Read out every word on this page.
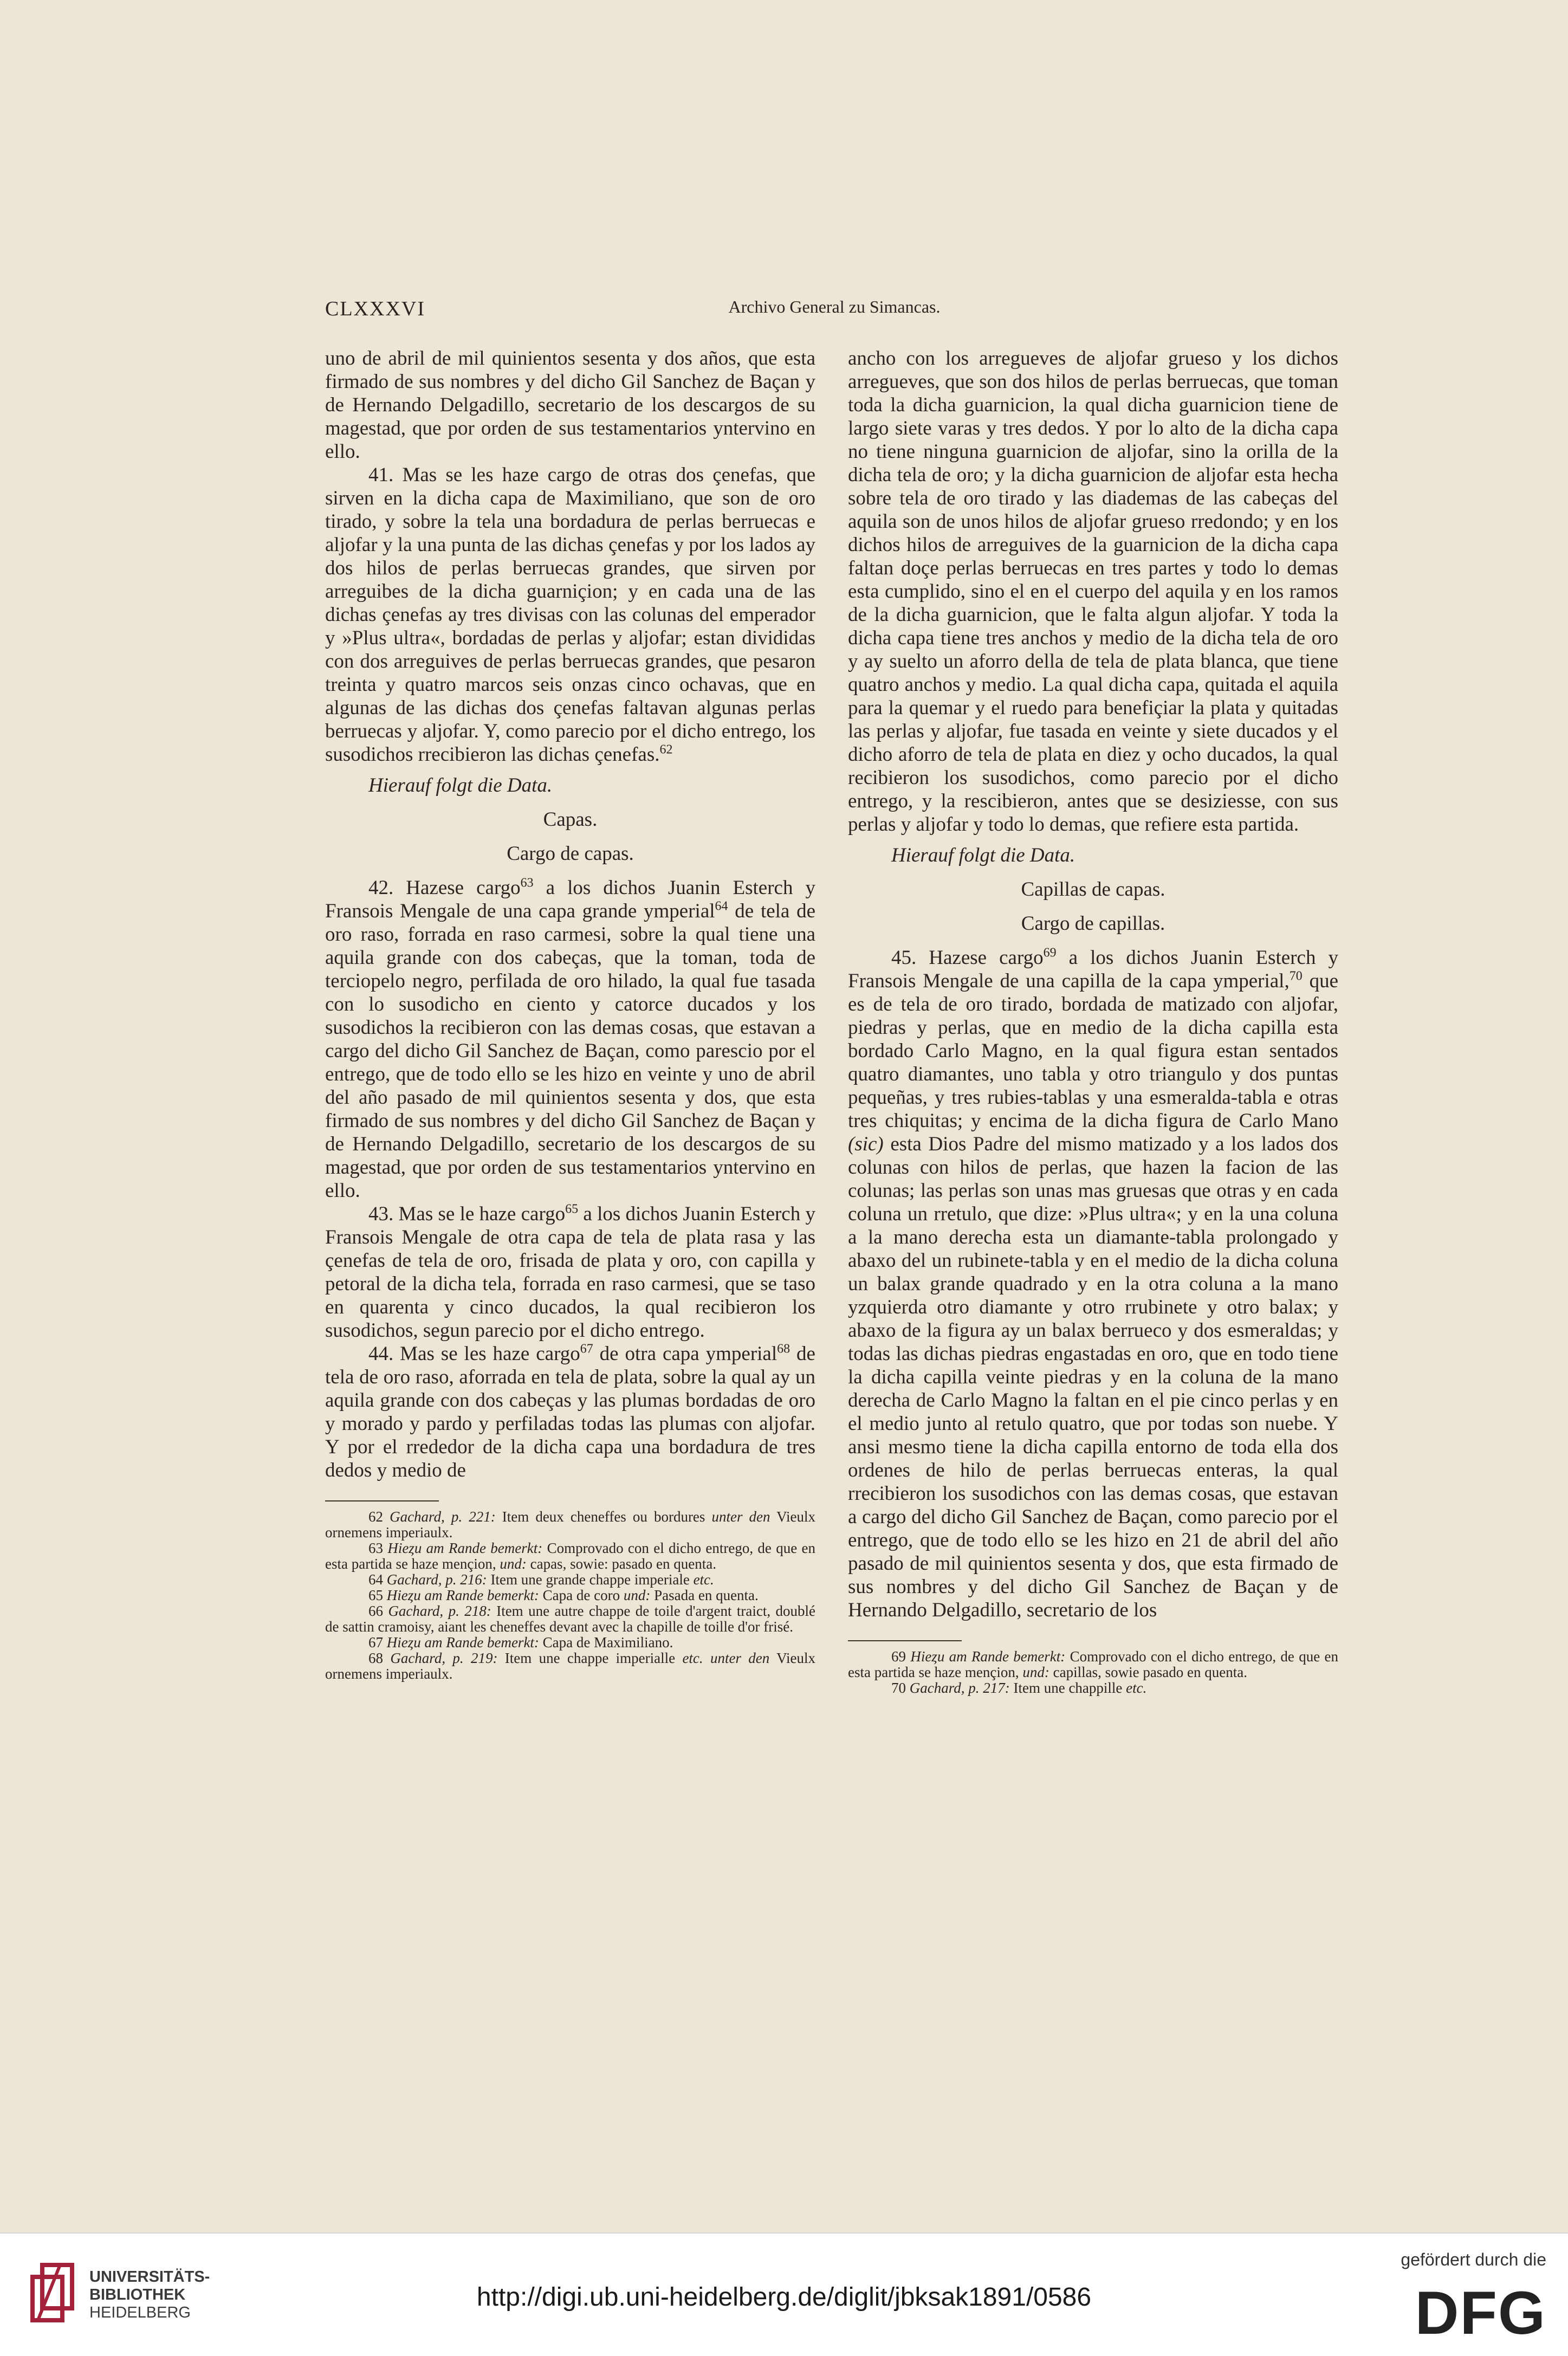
CLXXXVI	Archivo General zu Simancas.

uno de abril de mil quinientos sesenta y dos años, que esta firmado de sus nombres y del dicho Gil Sanchez de Baçan y de Hernando Delgadillo, secretario de los descargos de su magestad, que por orden de sus testamentarios yntervino en ello.

41. Mas se les haze cargo de otras dos çenefas, que sirven en la dicha capa de Maximiliano, que son de oro tirado, y sobre la tela una bordadura de perlas berruecas e aljofar y la una punta de las dichas çenefas y por los lados ay dos hilos de perlas berruecas grandes, que sirven por arreguibes de la dicha guarniçion; y en cada una de las dichas çenefas ay tres divisas con las colunas del emperador y »Plus ultra«, bordadas de perlas y aljofar; estan divididas con dos arreguives de perlas berruecas grandes, que pesaron treinta y quatro marcos seis onzas cinco ochavas, que en algunas de las dichas dos çenefas faltavan algunas perlas berruecas y aljofar. Y, como parecio por el dicho entrego, los susodichos rrecibieron las dichas çenefas.$^{62}$

Hierauf folgt die Data.

Capas.

Cargo de capas.

42. Hazese cargo$^{63}$ a los dichos Juanin Esterch y Fransois Mengale de una capa grande ymperial$^{64}$ de tela de oro raso, forrada en raso carmesi, sobre la qual tiene una aquila grande con dos cabeças, que la toman, toda de terciopelo negro, perfilada de oro hilado, la qual fue tasada con lo susodicho en ciento y catorce ducados y los susodichos la recibieron con las demas cosas, que estavan a cargo del dicho Gil Sanchez de Baçan, como parescio por el entrego, que de todo ello se les hizo en veinte y uno de abril del año pasado de mil quinientos sesenta y dos, que esta firmado de sus nombres y del dicho Gil Sanchez de Baçan y de Hernando Delgadillo, secretario de los descargos de su magestad, que por orden de sus testamentarios yntervino en ello.

43. Mas se le haze cargo$^{65}$ a los dichos Juanin Esterch y Fransois Mengale de otra capa de tela de plata rasa y las çenefas de tela de oro, frisada de plata y oro, con capilla y petoral de la dicha tela, forrada en raso carmesi, que se taso en quarenta y cinco ducados, la qual recibieron los susodichos, segun parecio por el dicho entrego.

44. Mas se les haze cargo$^{67}$ de otra capa ymperial$^{68}$ de tela de oro raso, aforrada en tela de plata, sobre la qual ay un aquila grande con dos cabeças y las plumas bordadas de oro y morado y pardo y perfiladas todas las plumas con aljofar. Y por el rrededor de la dicha capa una bordadura de tres dedos y medio de

62 Gachard, p. 221: Item deux cheneffes ou bordures unter den Vieulx ornemens imperiaulx.

63 Hieȥu am Rande bemerkt: Comprovado con el dicho entrego, de que en esta partida se haze mençion, und: capas, sowie: pasado en quenta.

64 Gachard, p. 216: Item une grande chappe imperiale etc.

65 Hieȥu am Rande bemerkt: Capa de coro und: Pasada en quenta.

66 Gachard, p. 218: Item une autre chappe de toile d'argent traict, doublé de sattin cramoisy, aiant les cheneffes devant avec la chapille de toille d'or frisé.

67 Hieȥu am Rande bemerkt: Capa de Maximiliano.

68 Gachard, p. 219: Item une chappe imperialle etc. unter den Vieulx ornemens imperiaulx.

ancho con los arregueves de aljofar grueso y los dichos arregueves, que son dos hilos de perlas berruecas, que toman toda la dicha guarnicion, la qual dicha guarnicion tiene de largo siete varas y tres dedos. Y por lo alto de la dicha capa no tiene ninguna guarnicion de aljofar, sino la orilla de la dicha tela de oro; y la dicha guarnicion de aljofar esta hecha sobre tela de oro tirado y las diademas de las cabeças del aquila son de unos hilos de aljofar grueso rredondo; y en los dichos hilos de arreguives de la guarnicion de la dicha capa faltan doçe perlas berruecas en tres partes y todo lo demas esta cumplido, sino el en el cuerpo del aquila y en los ramos de la dicha guarnicion, que le falta algun aljofar. Y toda la dicha capa tiene tres anchos y medio de la dicha tela de oro y ay suelto un aforro della de tela de plata blanca, que tiene quatro anchos y medio. La qual dicha capa, quitada el aquila para la quemar y el ruedo para benefiçiar la plata y quitadas las perlas y aljofar, fue tasada en veinte y siete ducados y el dicho aforro de tela de plata en diez y ocho ducados, la qual recibieron los susodichos, como parecio por el dicho entrego, y la rescibieron, antes que se desiziesse, con sus perlas y aljofar y todo lo demas, que refiere esta partida.

Hierauf folgt die Data.

Capillas de capas.

Cargo de capillas.

45. Hazese cargo$^{69}$ a los dichos Juanin Esterch y Fransois Mengale de una capilla de la capa ymperial,$^{70}$ que es de tela de oro tirado, bordada de matizado con aljofar, piedras y perlas, que en medio de la dicha capilla esta bordado Carlo Magno, en la qual figura estan sentados quatro diamantes, uno tabla y otro triangulo y dos puntas pequeñas, y tres rubies-tablas y una esmeralda-tabla e otras tres chiquitas; y encima de la dicha figura de Carlo Mano (sic) esta Dios Padre del mismo matizado y a los lados dos colunas con hilos de perlas, que hazen la facion de las colunas; las perlas son unas mas gruesas que otras y en cada coluna un rretulo, que dize: »Plus ultra«; y en la una coluna a la mano derecha esta un diamante-tabla prolongado y abaxo del un rubinete-tabla y en el medio de la dicha coluna un balax grande quadrado y en la otra coluna a la mano yzquierda otro diamante y otro rrubinete y otro balax; y abaxo de la figura ay un balax berrueco y dos esmeraldas; y todas las dichas piedras engastadas en oro, que en todo tiene la dicha capilla veinte piedras y en la coluna de la mano derecha de Carlo Magno la faltan en el pie cinco perlas y en el medio junto al retulo quatro, que por todas son nuebe. Y ansi mesmo tiene la dicha capilla entorno de toda ella dos ordenes de hilo de perlas berruecas enteras, la qual rrecibieron los susodichos con las demas cosas, que estavan a cargo del dicho Gil Sanchez de Baçan, como parecio por el entrego, que de todo ello se les hizo en 21 de abril del año pasado de mil quinientos sesenta y dos, que esta firmado de sus nombres y del dicho Gil Sanchez de Baçan y de Hernando Delgadillo, secretario de los

69 Hieȥu am Rande bemerkt: Comprovado con el dicho entrego, de que en esta partida se haze mençion, und: capillas, sowie pasado en quenta.

70 Gachard, p. 217: Item une chappille etc.

UNIVERSITÄTS-
BIBLIOTHEK
HEIDELBERG
http://digi.ub.uni-heidelberg.de/diglit/jbksak1891/0586
gefördert durch die
DFG
